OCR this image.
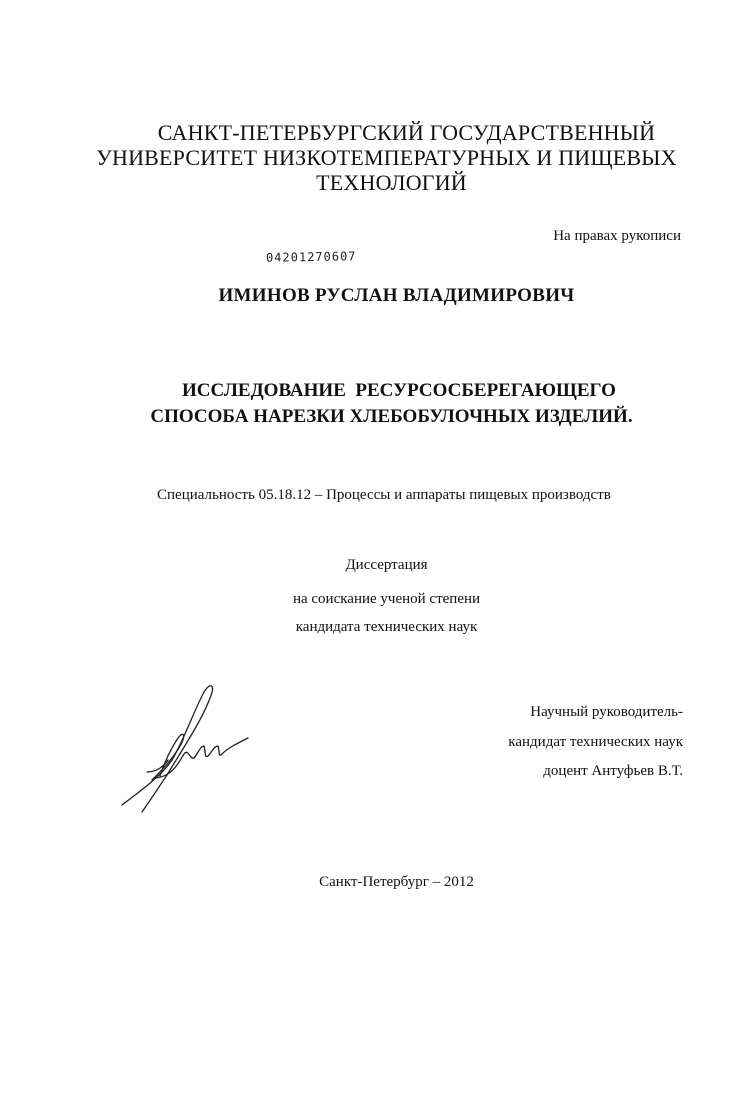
САНКТ-ПЕТЕРБУРГСКИЙ ГОСУДАРСТВЕННЫЙ
УНИВЕРСИТЕТ НИЗКОТЕМПЕРАТУРНЫХ И ПИЩЕВЫХ
ТЕХНОЛОГИЙ
На правах рукописи
04201270607
ИМИНОВ РУСЛАН ВЛАДИМИРОВИЧ
ИССЛЕДОВАНИЕ  РЕСУРСОСБЕРЕГАЮЩЕГО
СПОСОБА НАРЕЗКИ ХЛЕБОБУЛОЧНЫХ ИЗДЕЛИЙ.
Специальность 05.18.12 – Процессы и аппараты пищевых производств
Диссертация
на соискание ученой степени
кандидата технических наук
Научный руководитель-
кандидат технических наук
доцент Антуфьев В.Т.
Санкт-Петербург – 2012
